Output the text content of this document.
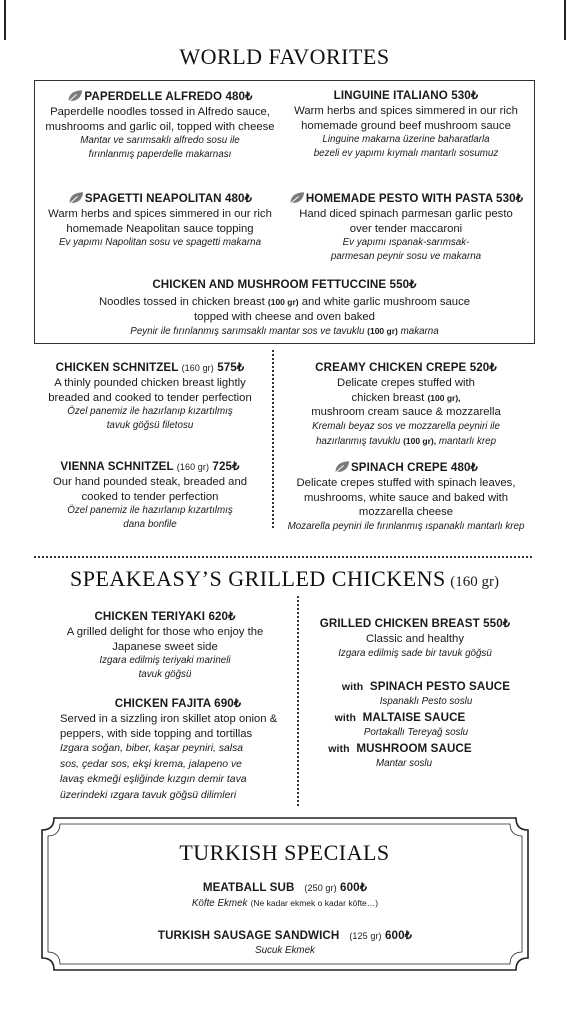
WORLD FAVORITES
PAPERDELLE ALFREDO 480₺
Paperdelle noodles tossed in Alfredo sauce,
mushrooms and garlic oil, topped with cheese
Mantar ve sarımsaklı alfredo sosu ile
fırınlanmış paperdelle makarnası
LINGUINE ITALIANO 530₺
Warm herbs and spices simmered in our rich
homemade ground beef mushroom sauce
Linguine makarna üzerine baharatlarla
bezeli ev yapımı kıymalı mantarlı sosumuz
SPAGETTI NEAPOLITAN 480₺
Warm herbs and spices simmered in our rich
homemade Neapolitan sauce topping
Ev yapımı Napolitan sosu ve spagetti makarna
HOMEMADE PESTO WITH PASTA 530₺
Hand diced spinach parmesan garlic pesto
over tender maccaroni
Ev yapımı ıspanak-sarımsak-
parmesan peynir sosu ve makarna
CHICKEN AND MUSHROOM FETTUCCINE 550₺
Noodles tossed in chicken breast (100 gr) and white garlic mushroom sauce
topped with cheese and oven baked
Peynir ile fırınlanmış sarımsaklı mantar sos ve tavuklu (100 gr) makarna
CHICKEN SCHNITZEL (160 gr) 575₺
A thinly pounded chicken breast lightly
breaded and cooked to tender perfection
Özel panemiz ile hazırlanıp kızartılmış
tavuk göğsü filetosu
VIENNA SCHNITZEL (160 gr) 725₺
Our hand pounded steak, breaded and
cooked to tender perfection
Özel panemiz ile hazırlanıp kızartılmış
dana bonfile
CREAMY CHICKEN CREPE 520₺
Delicate crepes stuffed with
chicken breast (100 gr),
mushroom cream sauce & mozzarella
Kremalı beyaz sos ve mozzarella peyniri ile
hazırlanmış tavuklu (100 gr), mantarlı krep
SPINACH CREPE 480₺
Delicate crepes stuffed with spinach leaves,
mushrooms, white sauce and baked with
mozzarella cheese
Mozarella peyniri ile fırınlanmış ıspanaklı mantarlı krep
SPEAKEASY’S GRILLED CHICKENS (160 gr)
CHICKEN TERIYAKI 620₺
A grilled delight for those who enjoy the
Japanese sweet side
Izgara edilmiş teriyaki marineli
tavuk göğsü
CHICKEN FAJITA 690₺
Served in a sizzling iron skillet atop onion &
peppers, with side topping and tortillas
Izgara soğan, biber, kaşar peyniri, salsa
sos, çedar sos, ekşi krema, jalapeno ve
lavaş ekmeği eşliğinde kızgın demir tava
üzerindeki ızgara tavuk göğsü dilimleri
GRILLED CHICKEN BREAST 550₺
Classic and healthy
Izgara edilmiş sade bir tavuk göğsü
with SPINACH PESTO SAUCE
Ispanaklı Pesto soslu
with MALTAISE SAUCE
Portakallı Tereyağ soslu
with MUSHROOM SAUCE
Mantar soslu
TURKISH SPECIALS
MEATBALL SUB (250 gr) 600₺
Köfte Ekmek (Ne kadar ekmek o kadar köfte…)
TURKISH SAUSAGE SANDWICH (125 gr) 600₺
Sucuk Ekmek
